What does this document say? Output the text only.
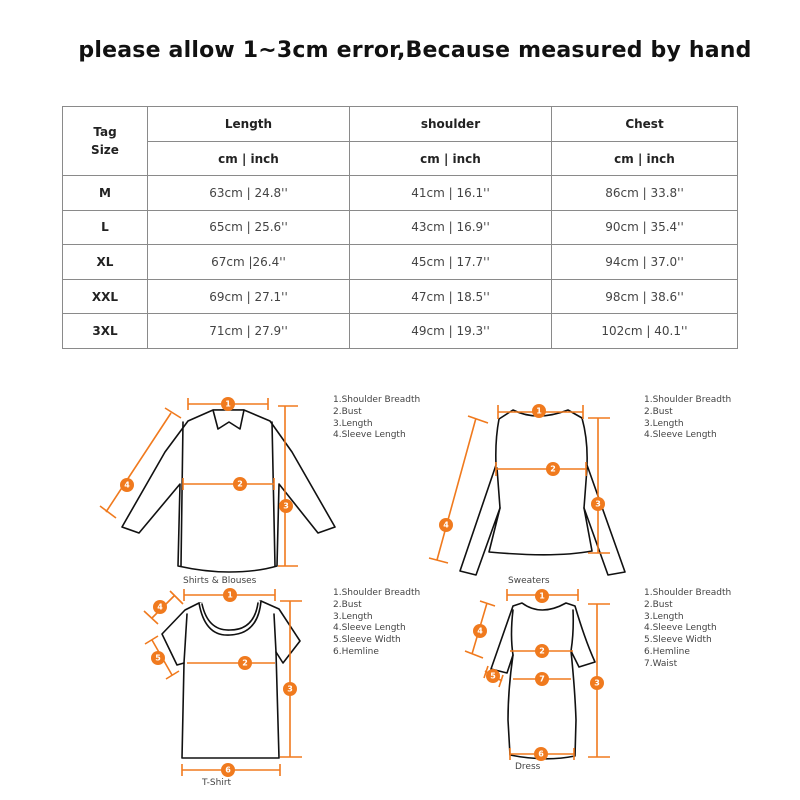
please allow 1~3cm error,Because measured by hand
Tag
Size	Length	shoulder	Chest
	cm | inch	cm | inch	cm | inch
M	63cm | 24.8''	41cm | 16.1''	86cm | 33.8''
L	65cm | 25.6''	43cm | 16.9''	90cm | 35.4''
XL	67cm |26.4''	45cm | 17.7''	94cm | 37.0''
XXL	69cm | 27.1''	47cm | 18.5''	98cm | 38.6''
3XL	71cm | 27.9''	49cm | 19.3''	102cm | 40.1''
1
2
3
4
1
2
3
4
1
2
3
4
5
6
1
2
7	3
4
5
6
1.Shoulder Breadth
2.Bust
3.Length
4.Sleeve Length
Shirts & Blouses
1.Shoulder Breadth
2.Bust
3.Length
4.Sleeve Length
Sweaters
1.Shoulder Breadth
2.Bust
3.Length
4.Sleeve Length
5.Sleeve Width
6.Hemline
T-Shirt
1.Shoulder Breadth
2.Bust
3.Length
4.Sleeve Length
5.Sleeve Width
6.Hemline
7.Waist
Dress
